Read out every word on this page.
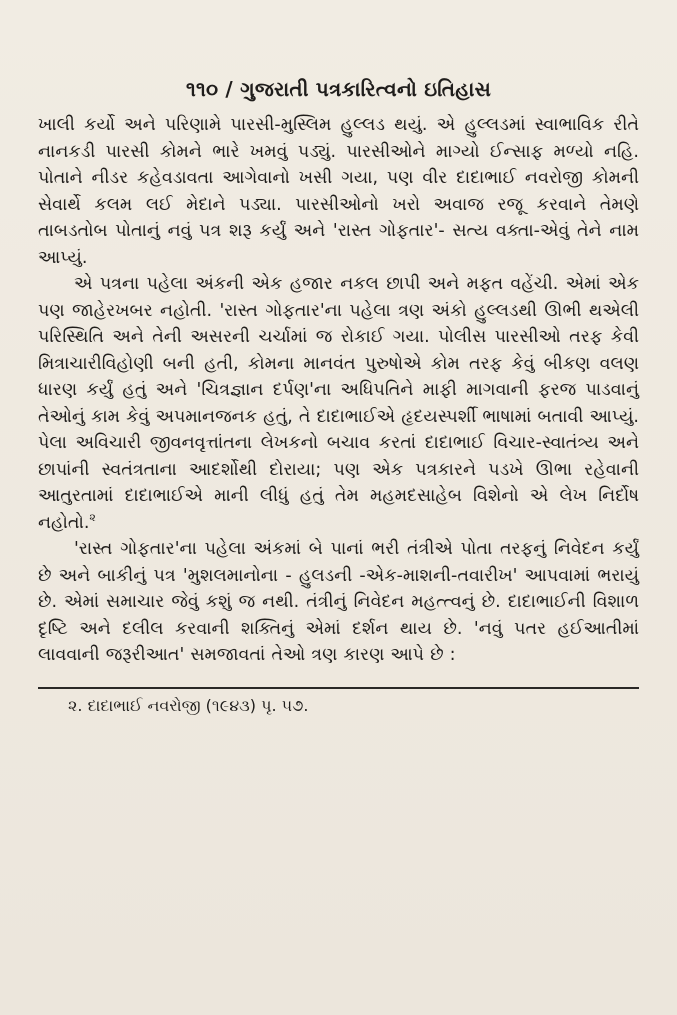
૧૧૦ / ગુજરાતી પત્રકારિત્વનો ઇતિહાસ

ખાલી કર્યો અને પરિણામે પારસી-મુસ્લિમ હુલ્લડ થયું. એ હુલ્લડમાં સ્વાભાવિક રીતે નાનકડી પારસી કોમને ભારે ખમવું પડ્યું. પારસીઓને માગ્યો ઈન્સાફ મળ્યો નહિ. પોતાને નીડર કહેવડાવતા આગેવાનો ખસી ગયા, પણ વીર દાદાભાઈ નવરોજી કોમની સેવાર્થે કલમ લઈ મેદાને પડ્યા. પારસીઓનો ખરો અવાજ રજૂ કરવાને તેમણે તાબડતોબ પોતાનું નવું પત્ર શરૂ કર્યું અને 'રાસ્ત ગોફતાર'- સત્ય વક્તા-એવું તેને નામ આપ્યું.

એ પત્રના પહેલા અંકની એક હજાર નકલ છાપી અને મફત વહેંચી. એમાં એક પણ જાહેરખબર નહોતી. 'રાસ્ત ગોફતાર'ના પહેલા ત્રણ અંકો હુલ્લડથી ઊભી થએલી પરિસ્થિતિ અને તેની અસરની ચર્ચામાં જ રોકાઈ ગયા. પોલીસ પારસીઓ તરફ કેવી મિત્રાચારીવિહોણી બની હતી, કોમના માનવંત પુરુષોએ કોમ તરફ કેવું બીકણ વલણ ધારણ કર્યું હતું અને 'ચિત્રજ્ઞાન દર્પણ'ના અધિપતિને માફી માગવાની ફરજ પાડવાનું તેઓનું કામ કેવું અપમાનજનક હતું, તે દાદાભાઈએ હૃદયસ્પર્શી ભાષામાં બતાવી આપ્યું. પેલા અવિચારી જીવનવૃત્તાંતના લેખકનો બચાવ કરતાં દાદાભાઈ વિચાર-સ્વાતંત્ર્ય અને છાપાંની સ્વતંત્રતાના આદર્શોથી દોરાયા; પણ એક પત્રકારને પડખે ઊભા રહેવાની આતુરતામાં દાદાભાઈએ માની લીધું હતું તેમ મહમદસાહેબ વિશેનો એ લેખ નિર્દોષ નહોતો.$^૨$

'રાસ્ત ગોફતાર'ના પહેલા અંકમાં બે પાનાં ભરી તંત્રીએ પોતા તરફનું નિવેદન કર્યું છે અને બાકીનું પત્ર 'મુશલમાનોના - હુલડની -એક-માશની-તવારીખ' આપવામાં ભરાયું છે. એમાં સમાચાર જેવું કશું જ નથી. તંત્રીનું નિવેદન મહત્ત્વનું છે. દાદાભાઈની વિશાળ દૃષ્ટિ અને દલીલ કરવાની શક્તિનું એમાં દર્શન થાય છે. 'નવું પતર હઈઆતીમાં લાવવાની જરૂરીઆત' સમજાવતાં તેઓ ત્રણ કારણ આપે છે :

૨. દાદાભાઈ નવરોજી (૧૯૪૩) પૃ. ૫૭.
